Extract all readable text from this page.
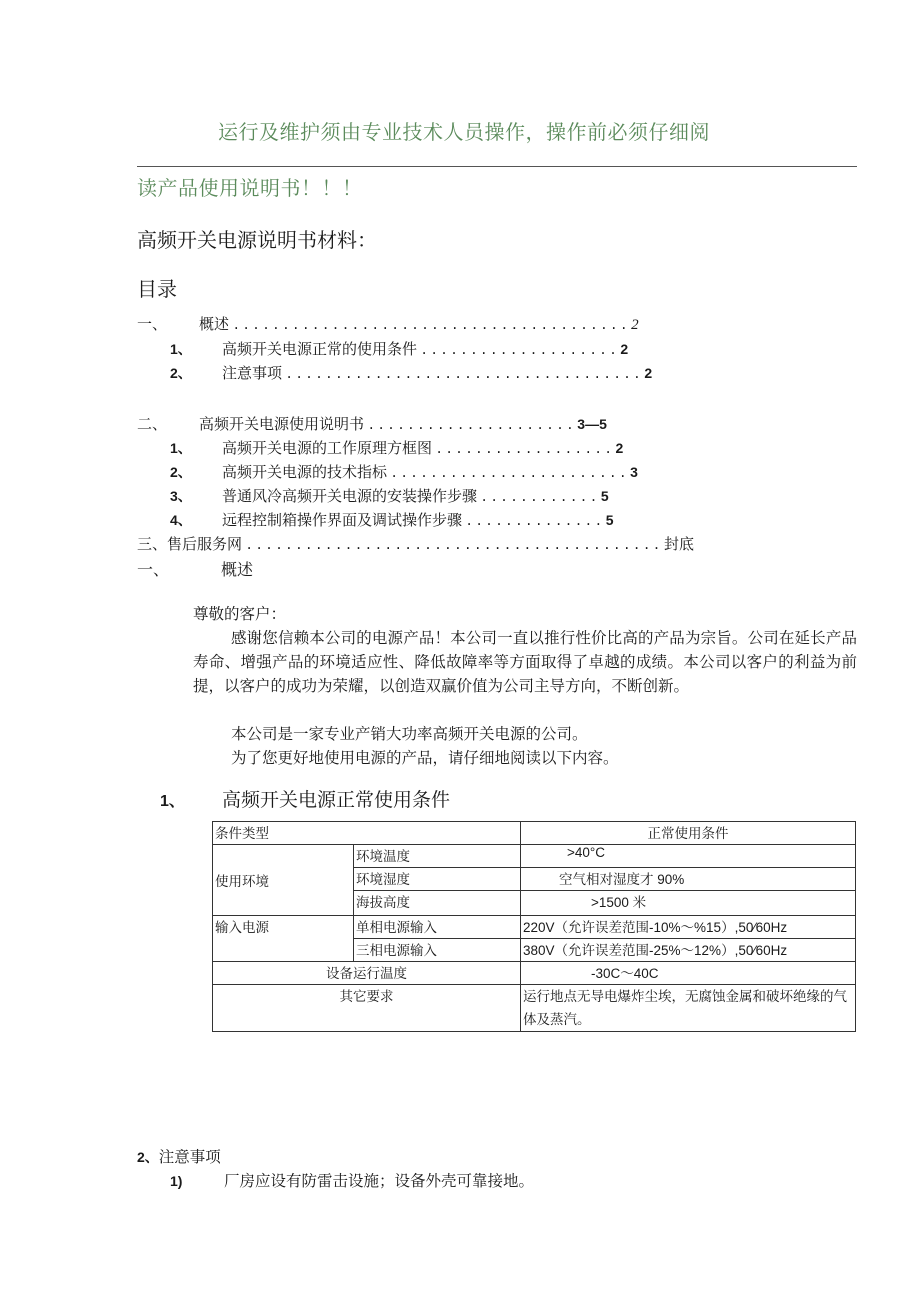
运行及维护须由专业技术人员操作，操作前必须仔细阅
读产品使用说明书！！！
高频开关电源说明书材料：
目录
一、 概述 . . . . . . . . . . . . . . . . . . . . . . . . . . . . . . . . . . . . . . . . 2
1、 高频开关电源正常的使用条件 . . . . . . . . . . . . . . . . . . . . 2
2、 注意事项 . . . . . . . . . . . . . . . . . . . . . . . . . . . . . . . . . . . . 2
二、 高频开关电源使用说明书 . . . . . . . . . . . . . . . . . . . . . 3—5
1、 高频开关电源的工作原理方框图 . . . . . . . . . . . . . . . . . . 2
2、 高频开关电源的技术指标 . . . . . . . . . . . . . . . . . . . . . . . . 3
3、 普通风冷高频开关电源的安装操作步骤 . . . . . . . . . . . . 5
4、 远程控制箱操作界面及调试操作步骤 . . . . . . . . . . . . . . 5
三、售后服务网 . . . . . . . . . . . . . . . . . . . . . . . . . . . . . . . . . . . . . . . . . . 封底
一、	概述
尊敬的客户：
感谢您信赖本公司的电源产品！本公司一直以推行性价比高的产品为宗旨。公司在延长产品寿命、增强产品的环境适应性、降低故障率等方面取得了卓越的成绩。本公司以客户的利益为前提，以客户的成功为荣耀，以创造双赢价值为公司主导方向，不断创新。
本公司是一家专业产销大功率高频开关电源的公司。
为了您更好地使用电源的产品，请仔细地阅读以下内容。
1、 高频开关电源正常使用条件
条件类型		正常使用条件
使用环境	环境温度	>40°C
	环境湿度	空气相对湿度才 90%
	海拔高度	>1500 米
输入电源	单相电源输入	220V（允许误差范围-10%～%15）,50⁄60Hz
	三相电源输入	380V（允许误差范围-25%～12%）,50⁄60Hz
设备运行温度		-30C～40C
其它要求		运行地点无导电爆炸尘埃，无腐蚀金属和破坏绝缘的气体及蒸汽。
2、注意事项
1)	厂房应设有防雷击设施；设备外壳可靠接地。
